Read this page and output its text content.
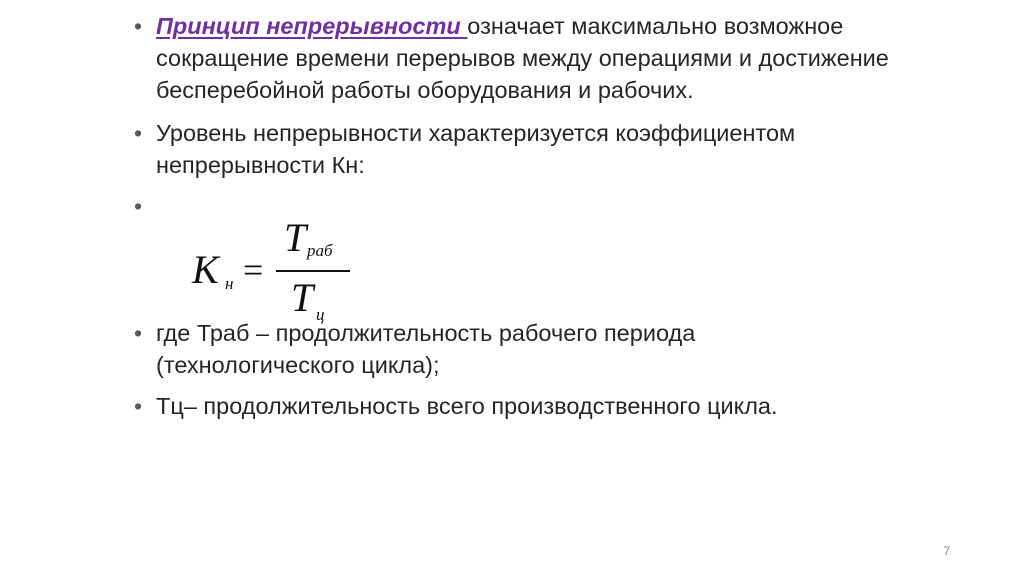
• Принцип непрерывности означает максимально возможное сокращение времени перерывов между операциями и достижение бесперебойной работы оборудования и рабочих.
• Уровень непрерывности характеризуется коэффициентом непрерывности Кн:
•
• где Траб – продолжительность рабочего периода (технологического цикла);
• Тц– продолжительность всего производственного цикла.
K н =
T раб
T ц
7
